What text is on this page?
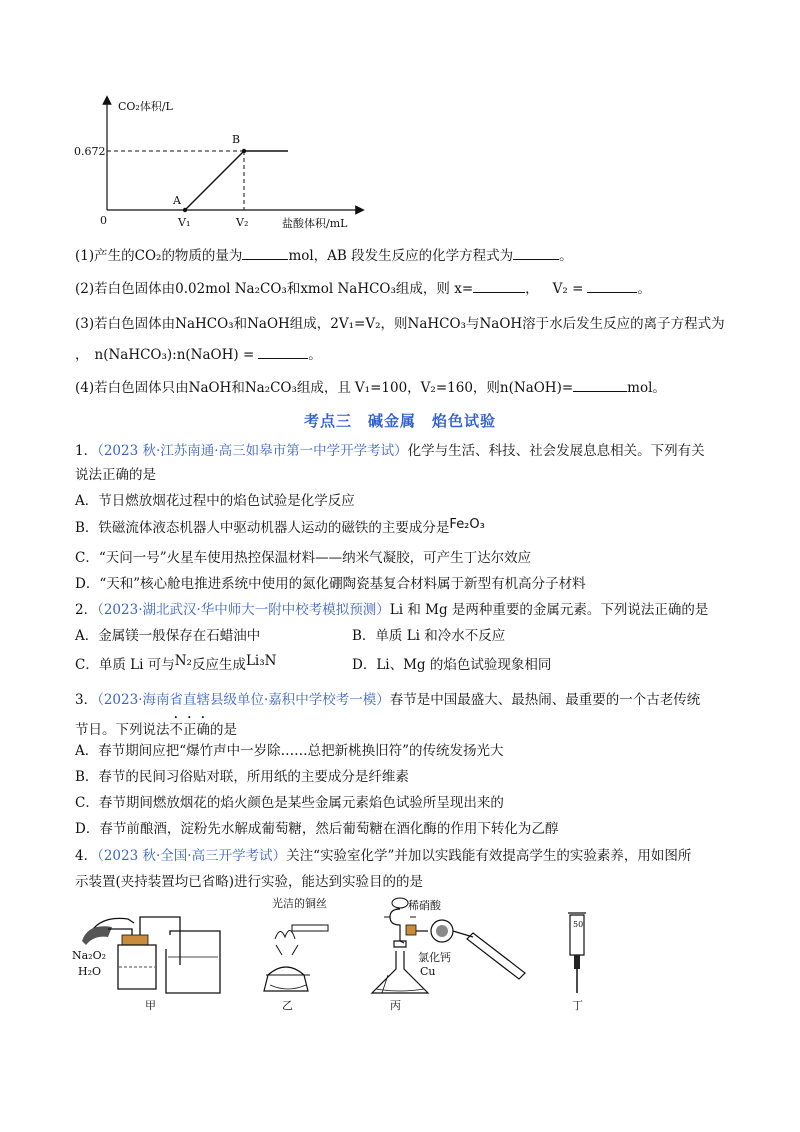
CO₂体积/L
0.672
A
B
0	V₁	V₂	盐酸体积/mL
(1)产生的CO₂的物质的量为	mol，AB 段发生反应的化学方程式为	。
(2)若白色固体由0.02mol Na₂CO₃和xmol NaHCO₃组成，则 x=	， V₂ =	。
(3)若白色固体由NaHCO₃和NaOH组成，2V₁=V₂，则NaHCO₃与NaOH溶于水后发生反应的离子方程式为
， n(NaHCO₃):n(NaOH) =	。
(4)若白色固体只由NaOH和Na₂CO₃组成，且 V₁=100，V₂=160，则n(NaOH)=	mol。
考点三　碱金属　焰色试验
1．（2023 秋·江苏南通·高三如皋市第一中学开学考试）化学与生活、科技、社会发展息息相关。下列有关
说法正确的是
A．节日燃放烟花过程中的焰色试验是化学反应
B．铁磁流体液态机器人中驱动机器人运动的磁铁的主要成分是Fe₂O₃
C．“天问一号”火星车使用热控保温材料——纳米气凝胶，可产生丁达尔效应
D．“天和”核心舱电推进系统中使用的氮化硼陶瓷基复合材料属于新型有机高分子材料
2．（2023·湖北武汉·华中师大一附中校考模拟预测）Li 和 Mg 是两种重要的金属元素。下列说法正确的是
A．金属镁一般保存在石蜡油中	B．单质 Li 和冷水不反应
C．单质 Li 可与N₂反应生成Li₃N	D．Li、Mg 的焰色试验现象相同
3．（2023·海南省直辖县级单位·嘉积中学校考一模）春节是中国最盛大、最热闹、最重要的一个古老传统
节日。下列说法不正确的是
A．春节期间应把“爆竹声中一岁除……总把新桃换旧符”的传统发扬光大
B．春节的民间习俗贴对联，所用纸的主要成分是纤维素
C．春节期间燃放烟花的焰火颜色是某些金属元素焰色试验所呈现出来的
D．春节前酿酒，淀粉先水解成葡萄糖，然后葡萄糖在酒化酶的作用下转化为乙醇
4．（2023 秋·全国·高三开学考试）关注“实验室化学”并加以实践能有效提高学生的实验素养，用如图所
示装置(夹持装置均已省略)进行实验，能达到实验目的的是
Na₂O₂
H₂O
甲
光洁的铜丝
乙
稀硝酸
氯化钙
Cu
丙
50
丁
